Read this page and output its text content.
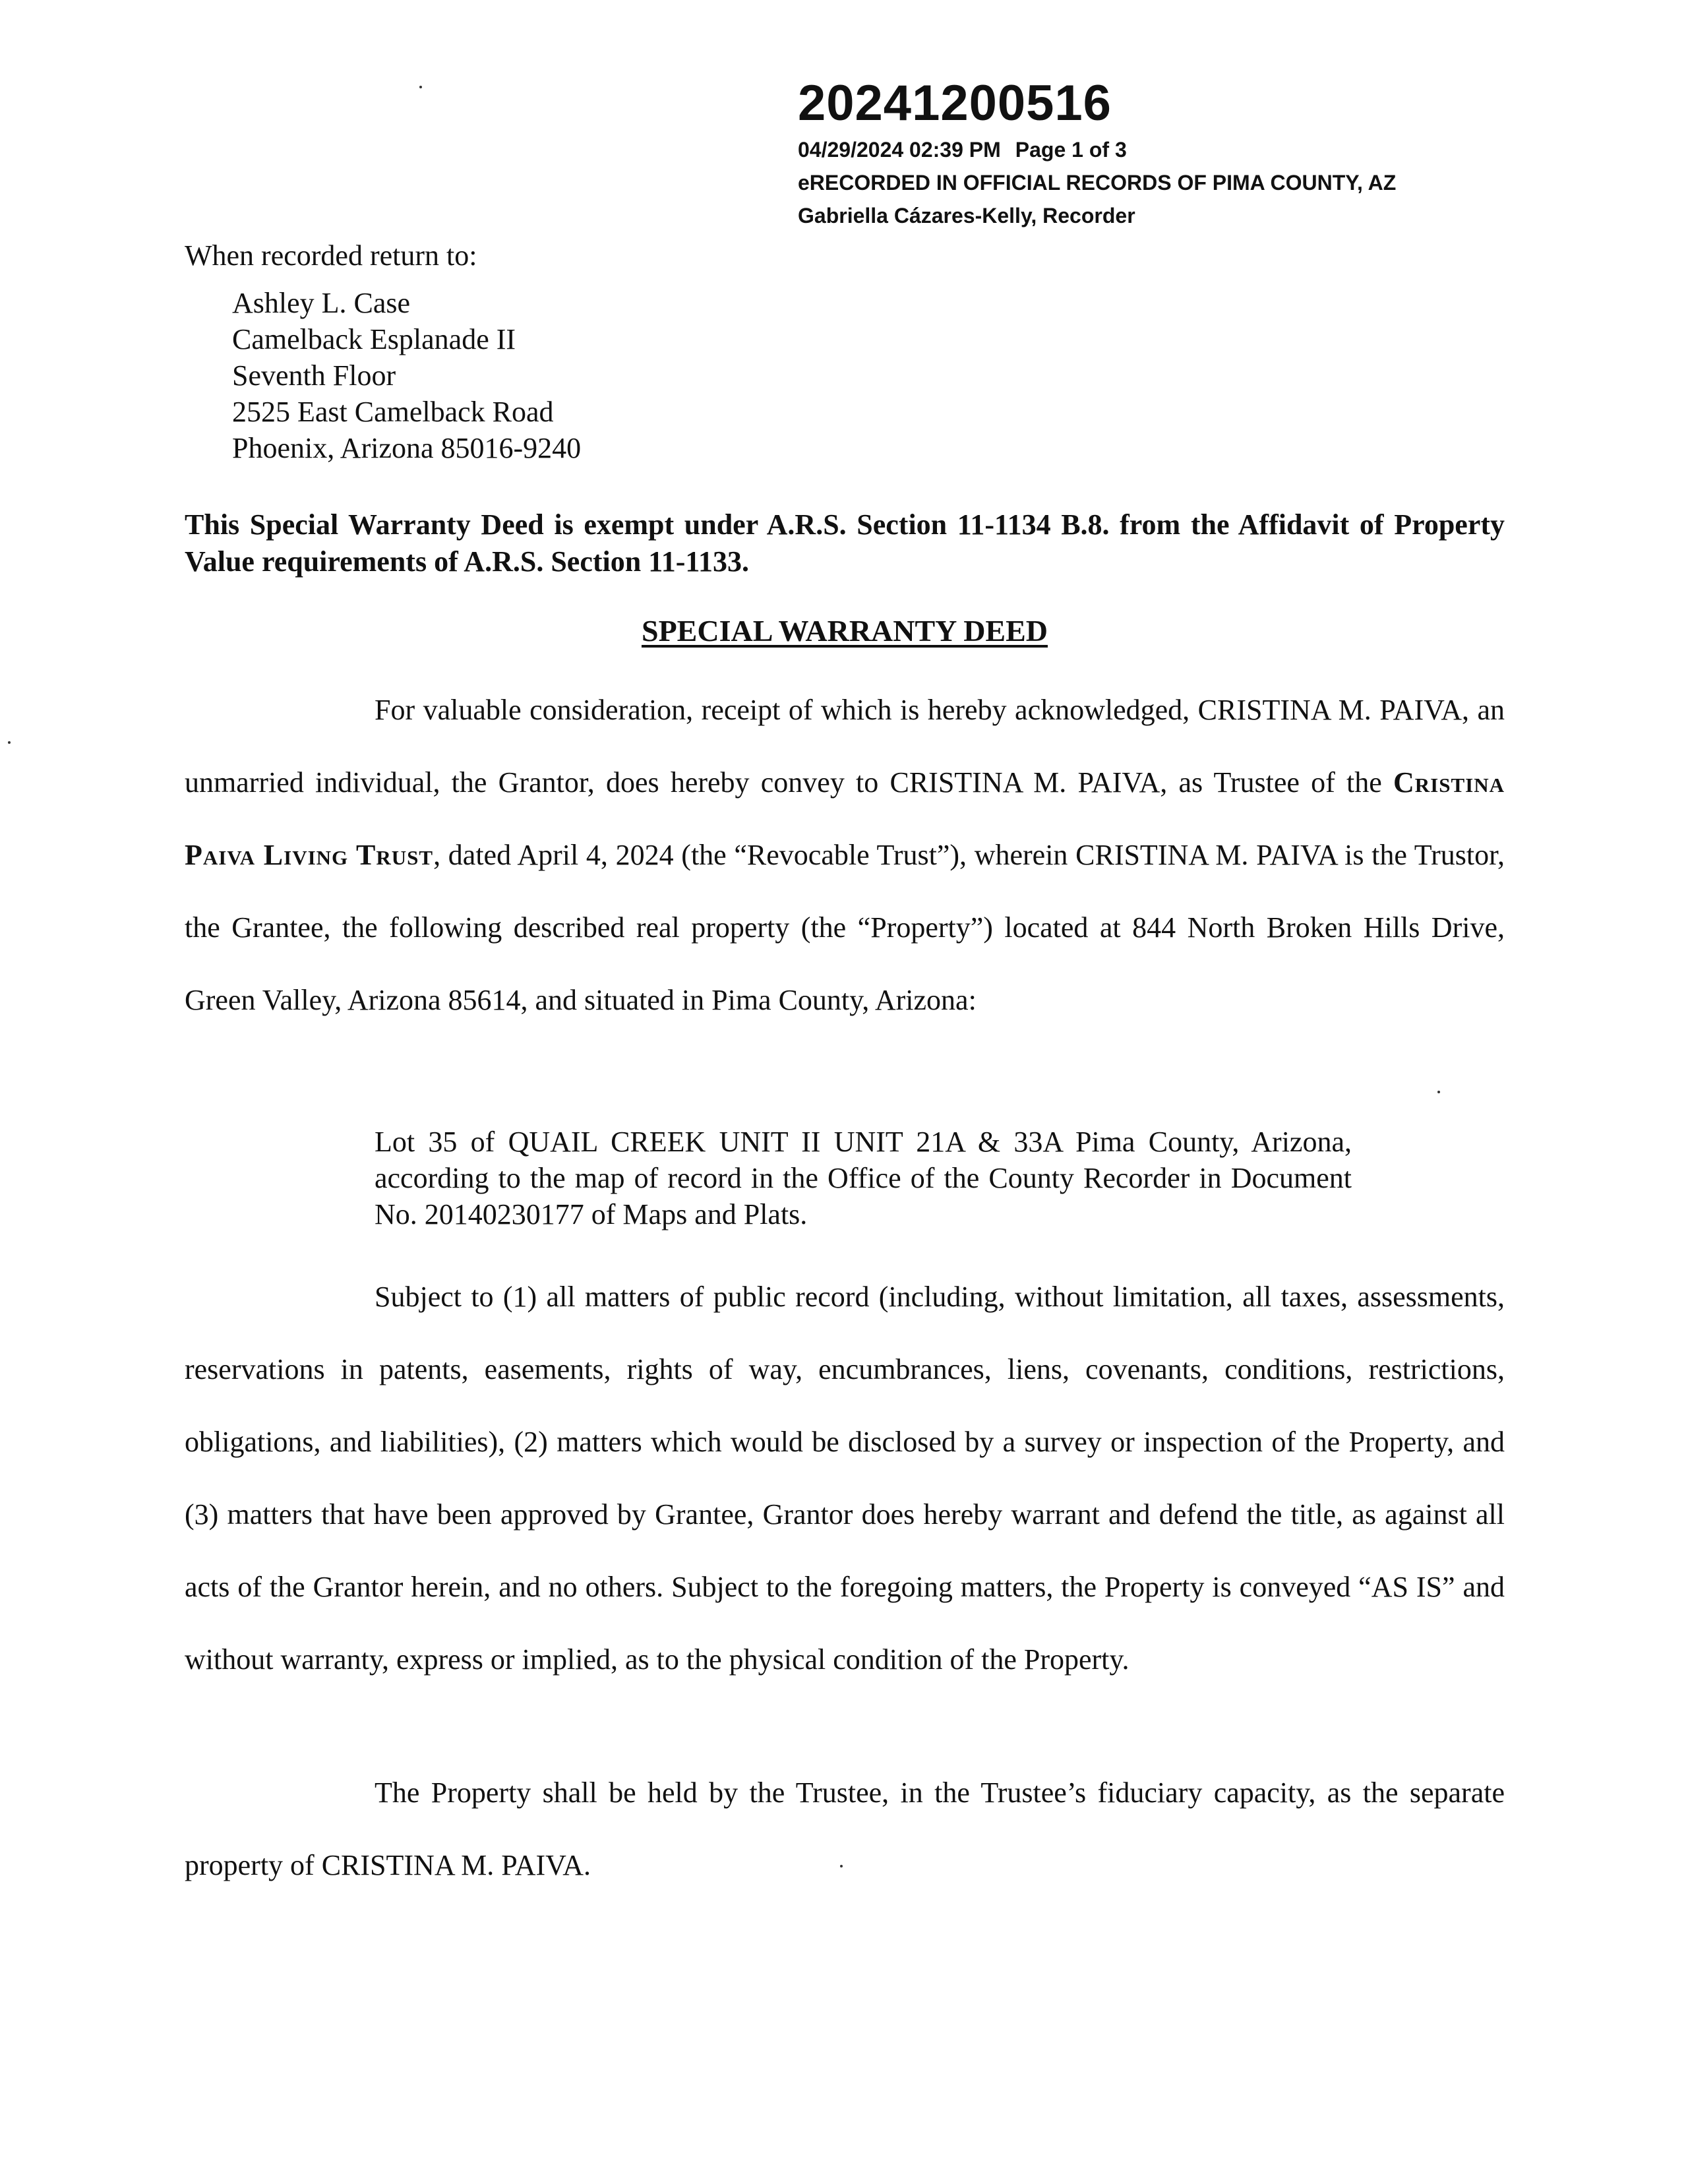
20241200516
04/29/2024 02:39 PM Page 1 of 3
eRECORDED IN OFFICIAL RECORDS OF PIMA COUNTY, AZ
Gabriella Cázares-Kelly, Recorder
When recorded return to:
Ashley L. Case
Camelback Esplanade II
Seventh Floor
2525 East Camelback Road
Phoenix, Arizona 85016-9240
This Special Warranty Deed is exempt under A.R.S. Section 11-1134 B.8. from the Affidavit of Property Value requirements of A.R.S. Section 11-1133.
SPECIAL WARRANTY DEED
For valuable consideration, receipt of which is hereby acknowledged, CRISTINA M. PAIVA, an unmarried individual, the Grantor, does hereby convey to CRISTINA M. PAIVA, as Trustee of the Cristina Paiva Living Trust, dated April 4, 2024 (the “Revocable Trust”), wherein CRISTINA M. PAIVA is the Trustor, the Grantee, the following described real property (the “Property”) located at 844 North Broken Hills Drive, Green Valley, Arizona 85614, and situated in Pima County, Arizona:
Lot 35 of QUAIL CREEK UNIT II UNIT 21A & 33A Pima County, Arizona, according to the map of record in the Office of the County Recorder in Document No. 20140230177 of Maps and Plats.
Subject to (1) all matters of public record (including, without limitation, all taxes, assessments, reservations in patents, easements, rights of way, encumbrances, liens, covenants, conditions, restrictions, obligations, and liabilities), (2) matters which would be disclosed by a survey or inspection of the Property, and (3) matters that have been approved by Grantee, Grantor does hereby warrant and defend the title, as against all acts of the Grantor herein, and no others. Subject to the foregoing matters, the Property is conveyed “AS IS” and without warranty, express or implied, as to the physical condition of the Property.
The Property shall be held by the Trustee, in the Trustee’s fiduciary capacity, as the separate property of CRISTINA M. PAIVA.
